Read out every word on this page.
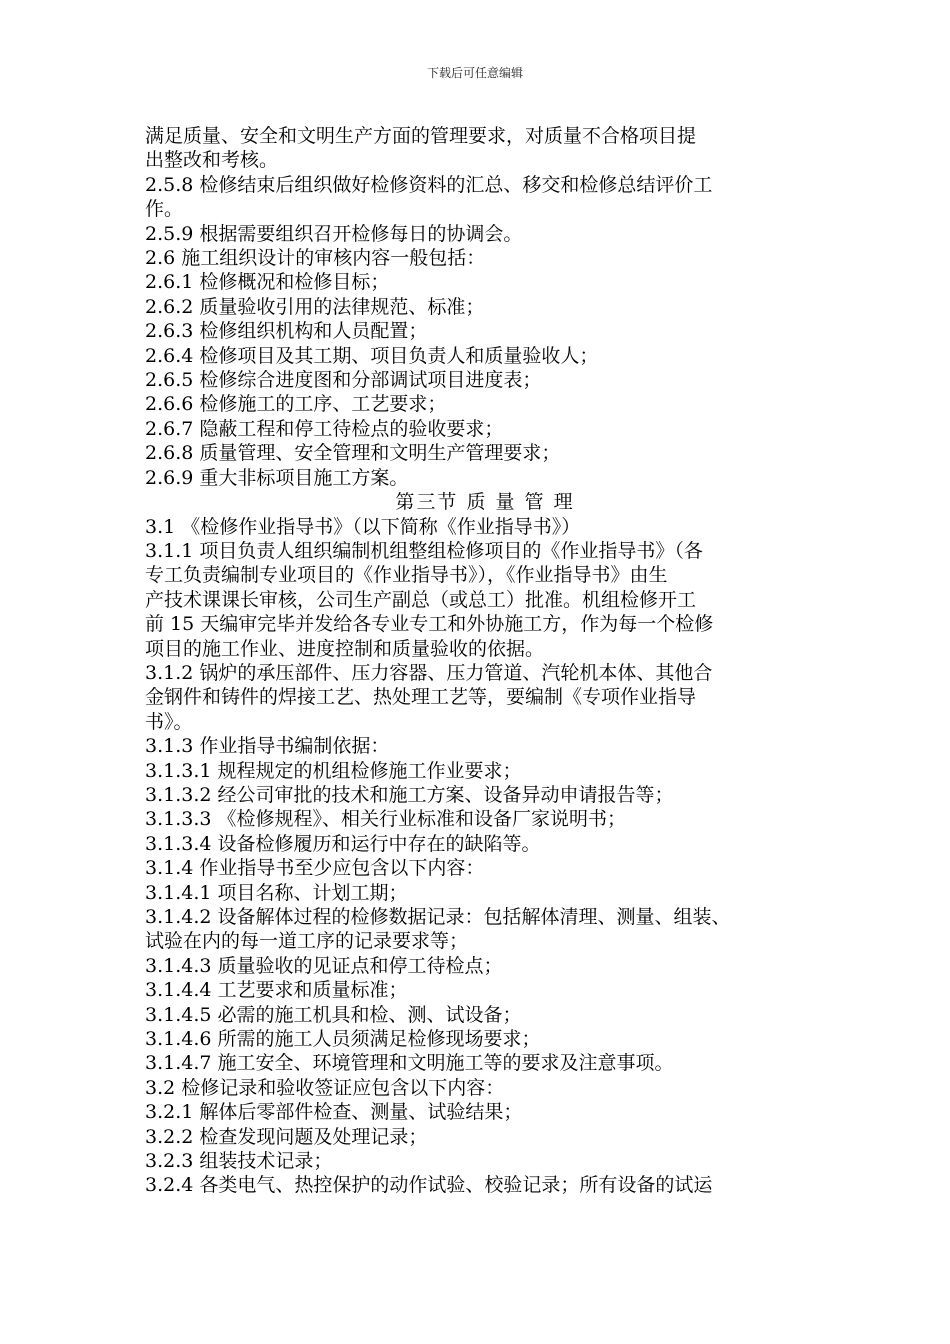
下载后可任意编辑
满足质量、安全和文明生产方面的管理要求，对质量不合格项目提
出整改和考核。
2.5.8 检修结束后组织做好检修资料的汇总、移交和检修总结评价工
作。
2.5.9 根据需要组织召开检修每日的协调会。
2.6 施工组织设计的审核内容一般包括：
2.6.1 检修概况和检修目标；
2.6.2 质量验收引用的法律规范、标准；
2.6.3 检修组织机构和人员配置；
2.6.4 检修项目及其工期、项目负责人和质量验收人；
2.6.5 检修综合进度图和分部调试项目进度表；
2.6.6 检修施工的工序、工艺要求；
2.6.7 隐蔽工程和停工待检点的验收要求；
2.6.8 质量管理、安全管理和文明生产管理要求；
2.6.9 重大非标项目施工方案。
第三节 质 量 管 理
3.1 《检修作业指导书》（以下简称《作业指导书》）
3.1.1 项目负责人组织编制机组整组检修项目的《作业指导书》（各
专工负责编制专业项目的《作业指导书》），《作业指导书》由生
产技术课课长审核，公司生产副总（或总工）批准。机组检修开工
前 15 天编审完毕并发给各专业专工和外协施工方，作为每一个检修
项目的施工作业、进度控制和质量验收的依据。
3.1.2 锅炉的承压部件、压力容器、压力管道、汽轮机本体、其他合
金钢件和铸件的焊接工艺、热处理工艺等，要编制《专项作业指导
书》。
3.1.3 作业指导书编制依据：
3.1.3.1 规程规定的机组检修施工作业要求；
3.1.3.2 经公司审批的技术和施工方案、设备异动申请报告等；
3.1.3.3 《检修规程》、相关行业标准和设备厂家说明书；
3.1.3.4 设备检修履历和运行中存在的缺陷等。
3.1.4 作业指导书至少应包含以下内容：
3.1.4.1 项目名称、计划工期；
3.1.4.2 设备解体过程的检修数据记录：包括解体清理、测量、组装、
试验在内的每一道工序的记录要求等；
3.1.4.3 质量验收的见证点和停工待检点；
3.1.4.4 工艺要求和质量标准；
3.1.4.5 必需的施工机具和检、测、试设备；
3.1.4.6 所需的施工人员须满足检修现场要求；
3.1.4.7 施工安全、环境管理和文明施工等的要求及注意事项。
3.2 检修记录和验收签证应包含以下内容：
3.2.1 解体后零部件检查、测量、试验结果；
3.2.2 检查发现问题及处理记录；
3.2.3 组装技术记录；
3.2.4 各类电气、热控保护的动作试验、校验记录；所有设备的试运
